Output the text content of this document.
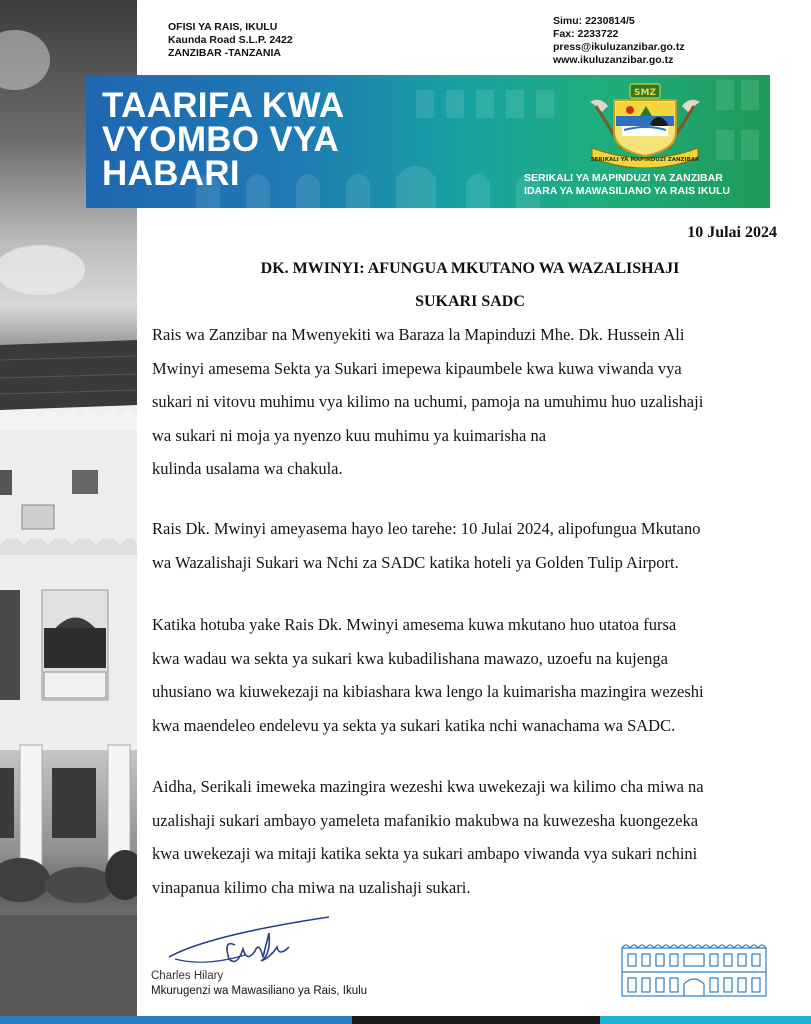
OFISI YA RAIS, IKULU
Kaunda Road S.L.P. 2422
ZANZIBAR -TANZANIA
Simu: 2230814/5
Fax: 2233722
press@ikuluzanzibar.go.tz
www.ikuluzanzibar.go.tz
TAARIFA KWA
VYOMBO VYA
HABARI
SMZ
SERIKALI YA MAPINDUZI ZANZIBAR
SERIKALI YA MAPINDUZI YA ZANZIBAR
IDARA YA MAWASILIANO YA RAIS IKULU
10 Julai 2024
DK. MWINYI: AFUNGUA MKUTANO WA WAZALISHAJI
SUKARI SADC
Rais wa Zanzibar na Mwenyekiti wa Baraza la Mapinduzi Mhe. Dk. Hussein Ali
Mwinyi amesema Sekta ya Sukari imepewa kipaumbele kwa kuwa viwanda vya
sukari ni vitovu muhimu vya kilimo na uchumi, pamoja na umuhimu huo uzalishaji
wa sukari ni moja ya nyenzo kuu muhimu ya kuimarisha na
kulinda usalama wa chakula.
Rais Dk. Mwinyi ameyasema hayo leo tarehe: 10 Julai 2024, alipofungua Mkutano
wa Wazalishaji Sukari wa Nchi za SADC katika hoteli ya Golden Tulip Airport.
Katika hotuba yake Rais Dk. Mwinyi amesema kuwa mkutano huo utatoa fursa
kwa wadau wa sekta ya sukari kwa kubadilishana mawazo, uzoefu na kujenga
uhusiano wa kiuwekezaji na kibiashara kwa lengo la kuimarisha mazingira wezeshi
kwa maendeleo endelevu ya sekta ya sukari katika nchi wanachama wa SADC.
Aidha, Serikali imeweka mazingira wezeshi kwa uwekezaji wa kilimo cha miwa na
uzalishaji sukari ambayo yameleta mafanikio makubwa na kuwezesha kuongezeka
kwa uwekezaji wa mitaji katika sekta ya sukari ambapo viwanda vya sukari nchini
vinapanua kilimo cha miwa na uzalishaji sukari.
Charles Hilary
Mkurugenzi wa Mawasiliano ya Rais, Ikulu
